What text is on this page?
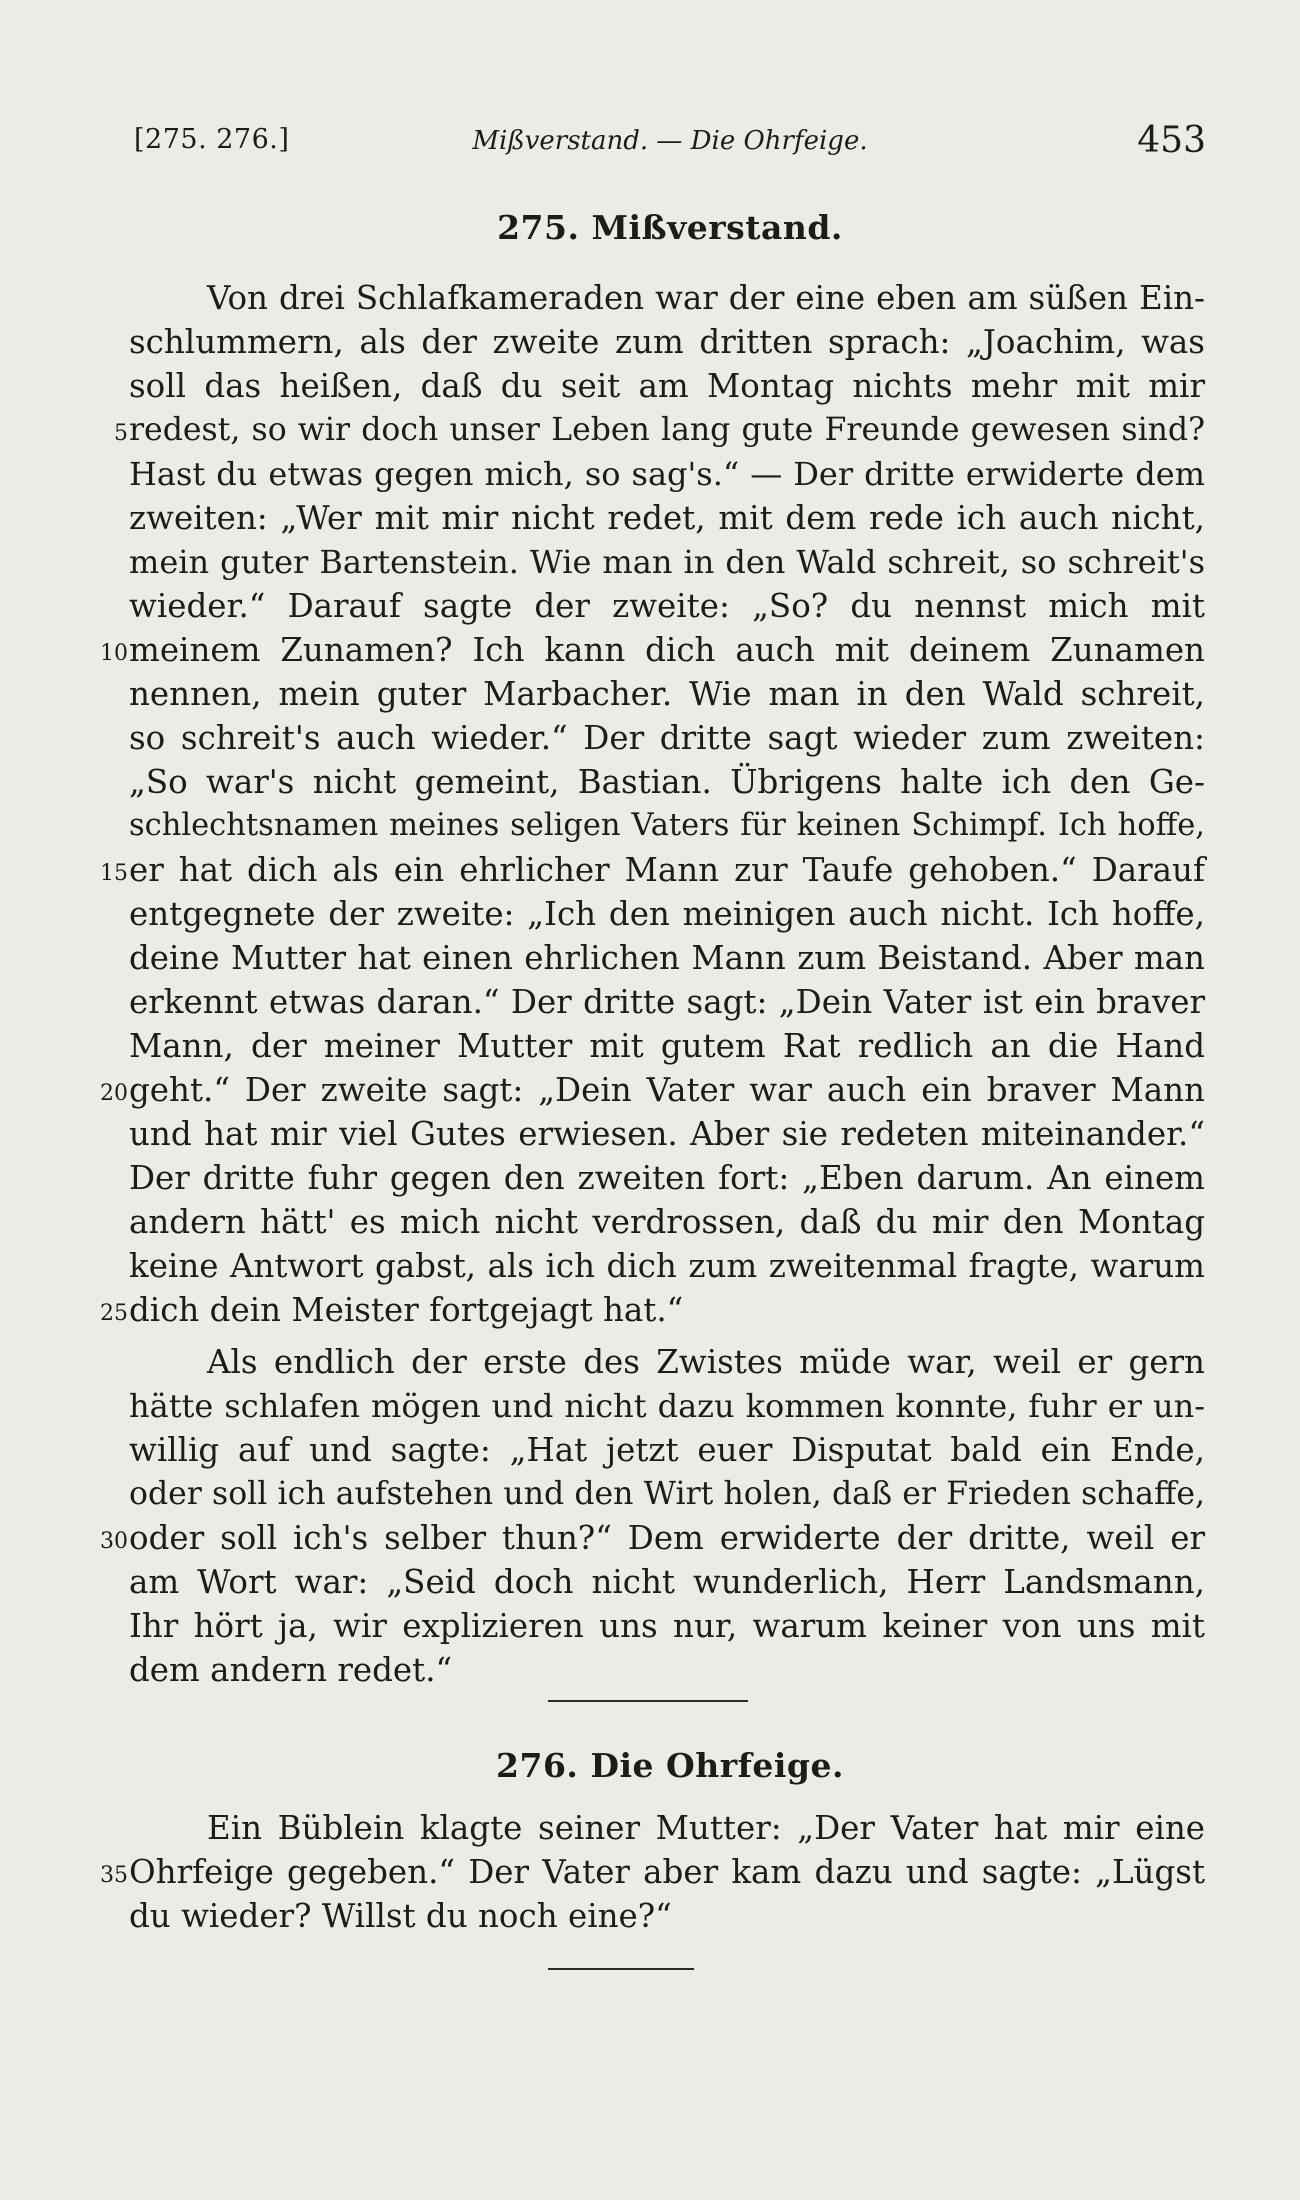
[275. 276.]	Mißverstand. — Die Ohrfeige.	453
275. Mißverstand.
Von drei Schlafkameraden war der eine eben am süßen Ein-
schlummern, als der zweite zum dritten sprach: „Joachim, was
soll das heißen, daß du seit am Montag nichts mehr mit mir
redest, so wir doch unser Leben lang gute Freunde gewesen sind?
Hast du etwas gegen mich, so sag's.“ — Der dritte erwiderte dem
zweiten: „Wer mit mir nicht redet, mit dem rede ich auch nicht,
mein guter Bartenstein. Wie man in den Wald schreit, so schreit's
wieder.“ Darauf sagte der zweite: „So? du nennst mich mit
meinem Zunamen? Ich kann dich auch mit deinem Zunamen
nennen, mein guter Marbacher. Wie man in den Wald schreit,
so schreit's auch wieder.“ Der dritte sagt wieder zum zweiten:
„So war's nicht gemeint, Bastian. Übrigens halte ich den Ge-
schlechtsnamen meines seligen Vaters für keinen Schimpf. Ich hoffe,
er hat dich als ein ehrlicher Mann zur Taufe gehoben.“ Darauf
entgegnete der zweite: „Ich den meinigen auch nicht. Ich hoffe,
deine Mutter hat einen ehrlichen Mann zum Beistand. Aber man
erkennt etwas daran.“ Der dritte sagt: „Dein Vater ist ein braver
Mann, der meiner Mutter mit gutem Rat redlich an die Hand
geht.“ Der zweite sagt: „Dein Vater war auch ein braver Mann
und hat mir viel Gutes erwiesen. Aber sie redeten miteinander.“
Der dritte fuhr gegen den zweiten fort: „Eben darum. An einem
andern hätt' es mich nicht verdrossen, daß du mir den Montag
keine Antwort gabst, als ich dich zum zweitenmal fragte, warum
dich dein Meister fortgejagt hat.“
Als endlich der erste des Zwistes müde war, weil er gern
hätte schlafen mögen und nicht dazu kommen konnte, fuhr er un-
willig auf und sagte: „Hat jetzt euer Disputat bald ein Ende,
oder soll ich aufstehen und den Wirt holen, daß er Frieden schaffe,
oder soll ich's selber thun?“ Dem erwiderte der dritte, weil er
am Wort war: „Seid doch nicht wunderlich, Herr Landsmann,
Ihr hört ja, wir explizieren uns nur, warum keiner von uns mit
dem andern redet.“
276. Die Ohrfeige.
Ein Büblein klagte seiner Mutter: „Der Vater hat mir eine
Ohrfeige gegeben.“ Der Vater aber kam dazu und sagte: „Lügst
du wieder? Willst du noch eine?“
5
10
15
20
25
30
35
